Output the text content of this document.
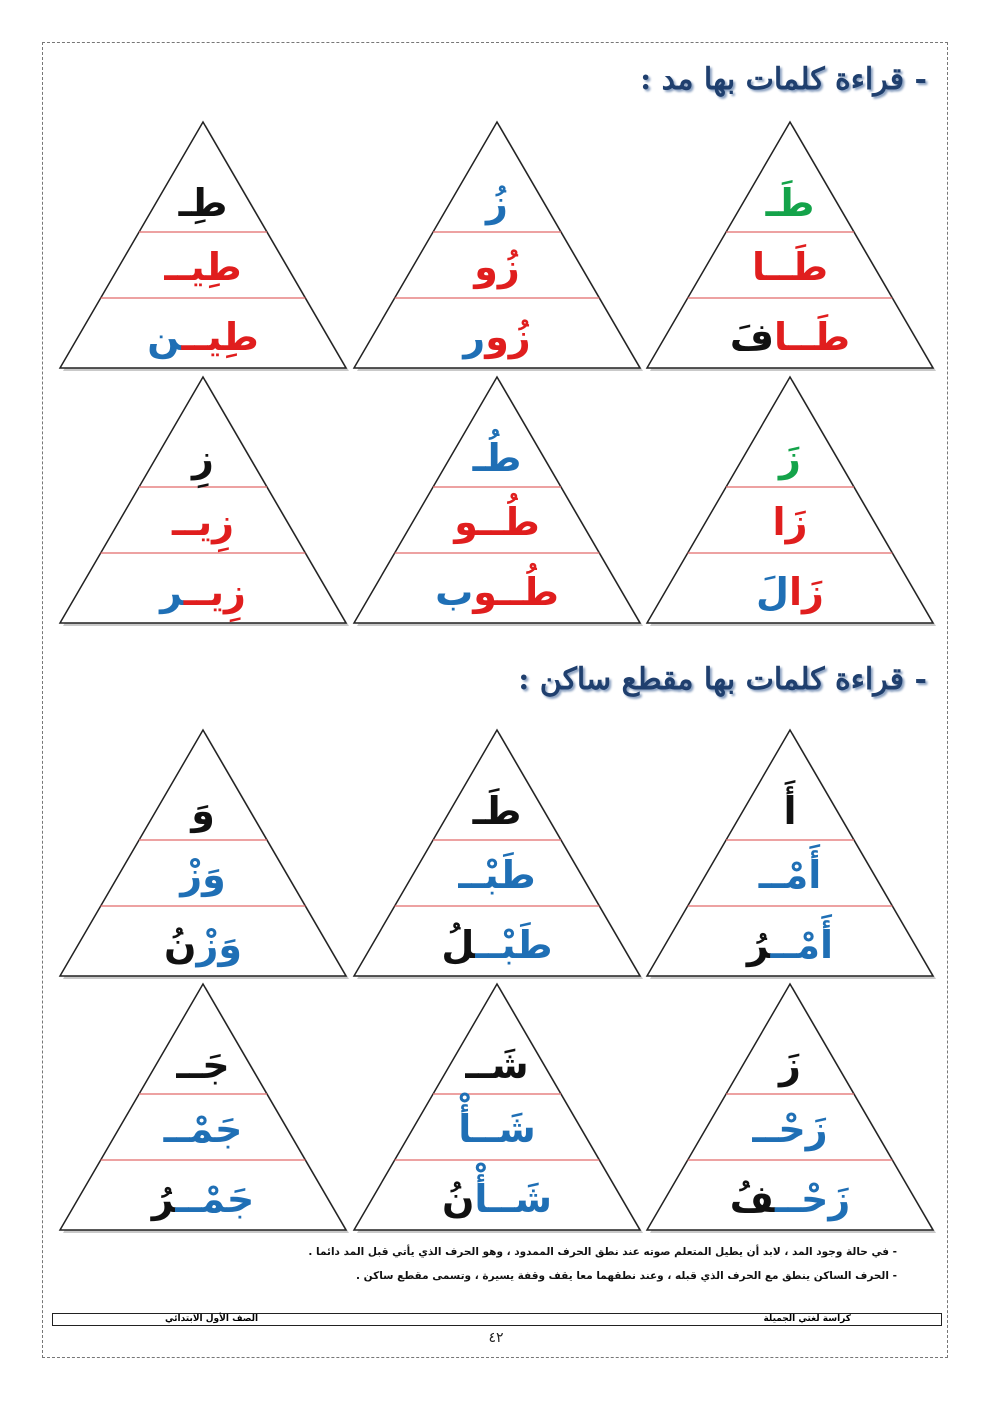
- قراءة كلمات بها مد :
- قراءة كلمات بها مقطع ساكن :
طَـ
طَــا
طَــافَ
زُ
زُو
زُور
طِـ
طِيــ
طِيــن
زَ
زَا
زَالَ
طُـ
طُــو
طُــوب
زِ
زِيــ
زِيــر
أَ
أَمْــ
أَمْــرُ
طَـ
طَبْــ
طَبْــلُ
وَ
وَزْ
وَزْنُ
زَ
زَحْــ
زَحْــفُ
شَــ
شَــأْ
شَــأْنُ
جَــ
جَمْــ
جَمْــرُ
- في حالة وجود المد ، لابد أن يطيل المتعلم صوته عند نطق الحرف الممدود ، وهو الحرف الذي يأتي قبل المد دائما .
- الحرف الساكن ينطق مع الحرف الذي قبله ، وعند نطقهما معا يقف وقفة يسيرة ، وتسمى مقطع ساكن .
كراسة لغتي الجميلة
الصف الأول الابتدائي
٤٢
